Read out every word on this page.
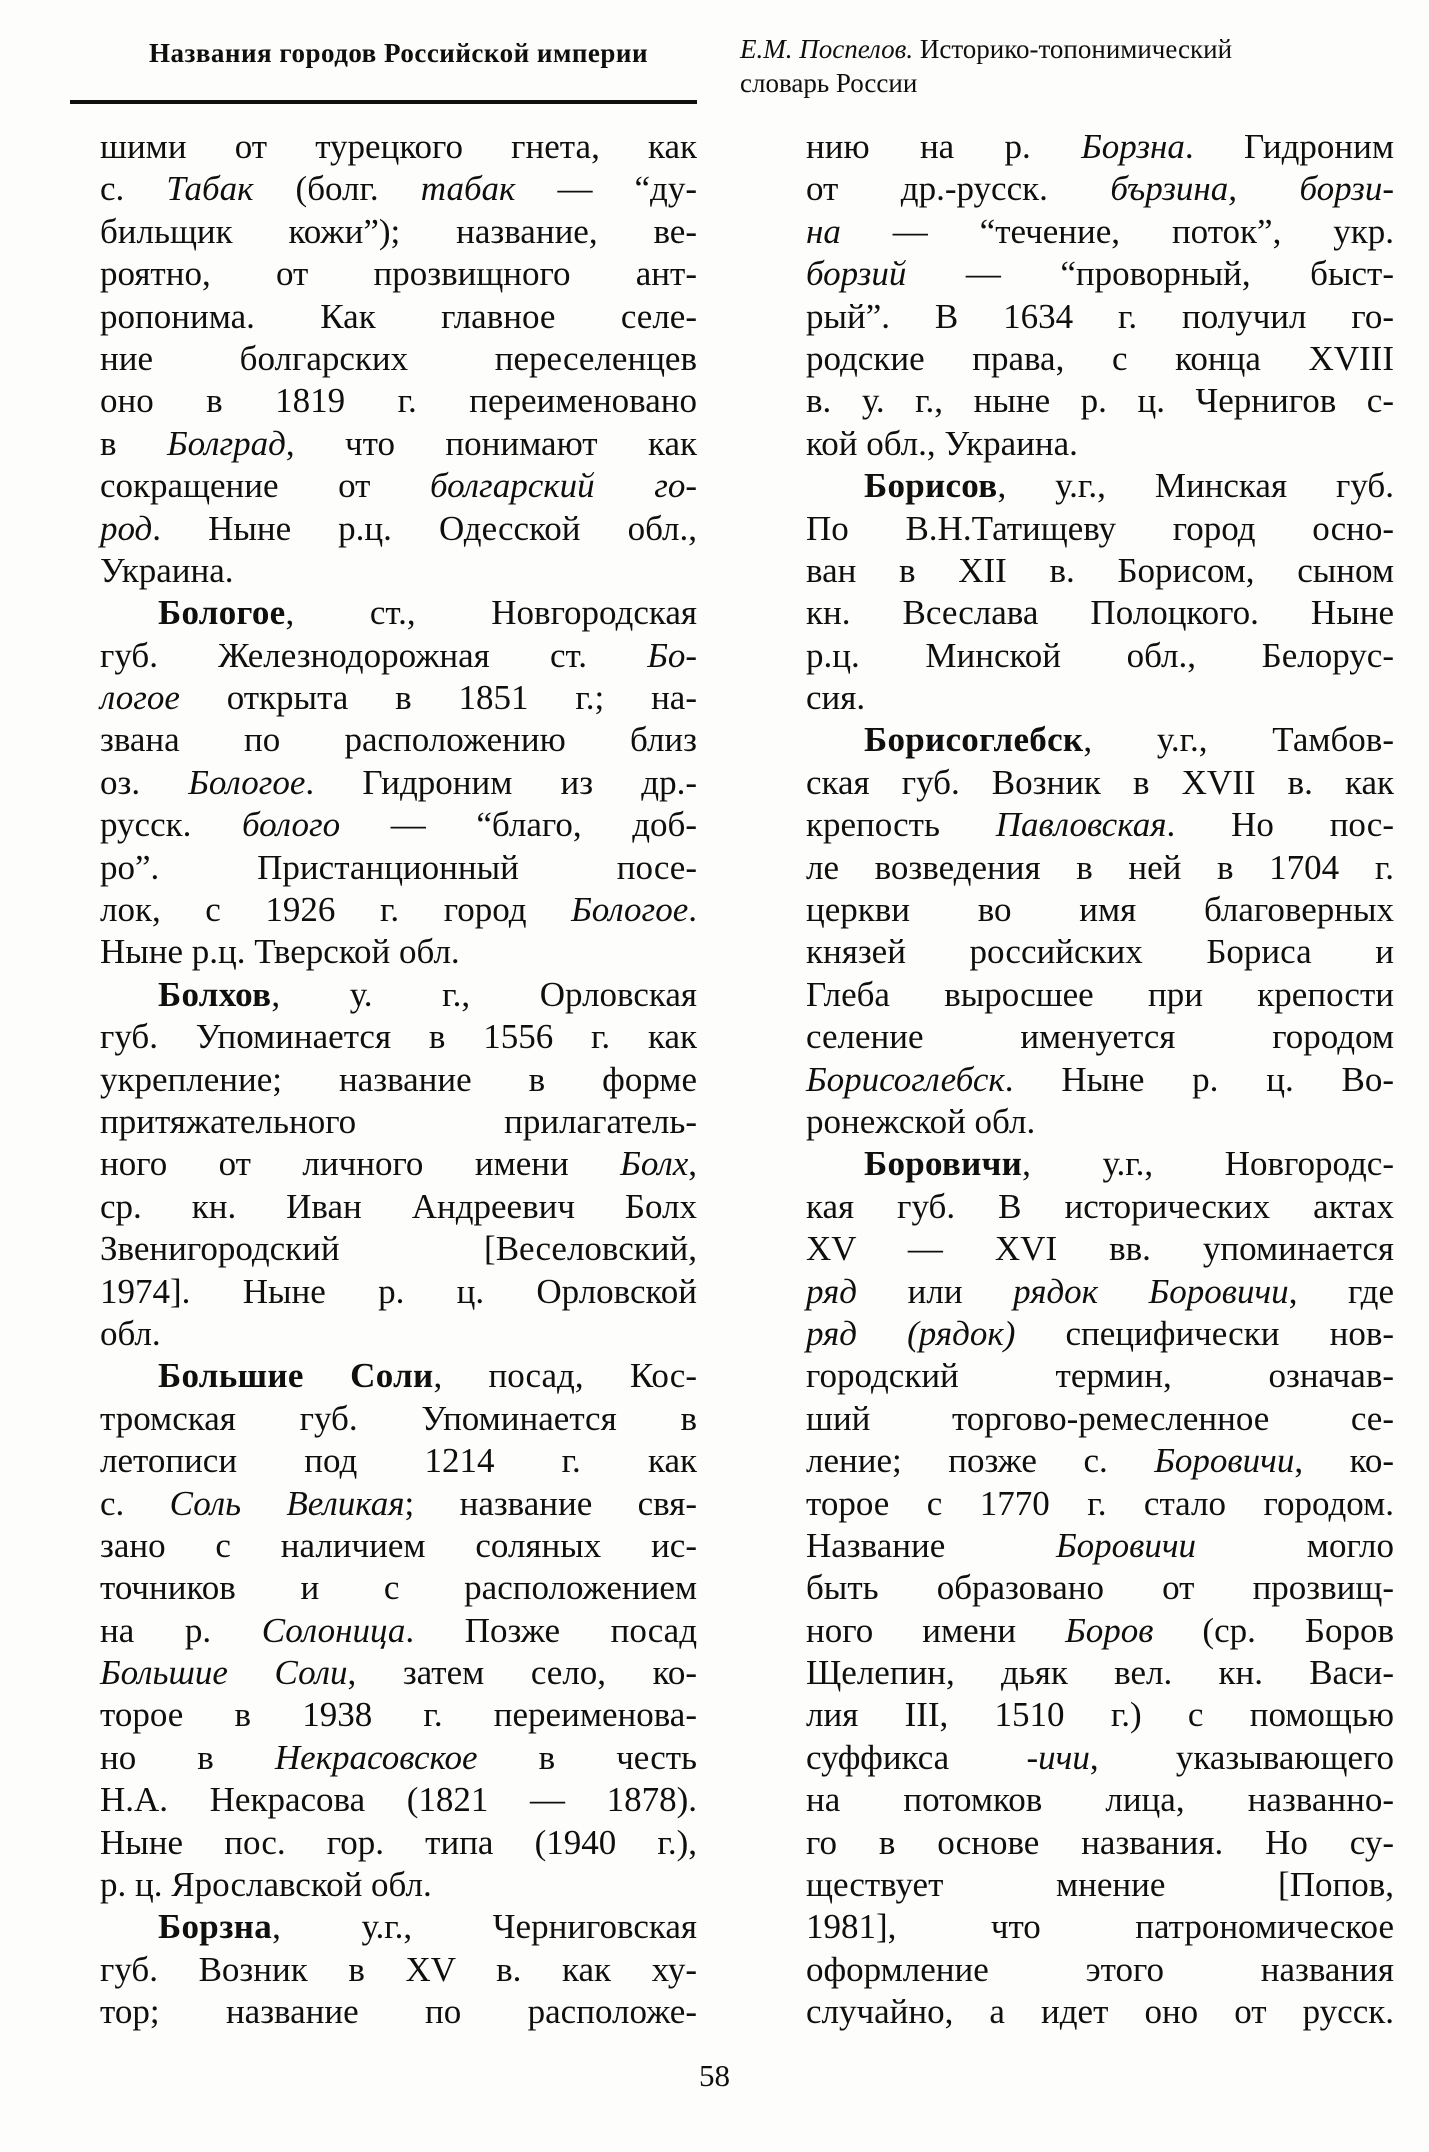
Названия городов Российской империи	Е.М. Поспелов. Историко-топонимический
словарь России
шими от турецкого гнета, как
с. Табак (болг. табак — “ду-
бильщик кожи”); название, ве-
роятно, от прозвищного ант-
ропонима. Как главное селе-
ние болгарских переселенцев
оно в 1819 г. переименовано
в Болград, что понимают как
сокращение от болгарский го-
род. Ныне р.ц. Одесской обл.,
Украина.
Бологое, ст., Новгородская
губ. Железнодорожная ст. Бо-
логое открыта в 1851 г.; на-
звана по расположению близ
оз. Бологое. Гидроним из др.-
русск. болого — “благо, доб-
ро”. Пристанционный посе-
лок, с 1926 г. город Бологое.
Ныне р.ц. Тверской обл.
Болхов, у. г., Орловская
губ. Упоминается в 1556 г. как
укрепление; название в форме
притяжательного прилагатель-
ного от личного имени Болх,
ср. кн. Иван Андреевич Болх
Звенигородский [Веселовский,
1974]. Ныне р. ц. Орловской
обл.
Большие Соли, посад, Кос-
тромская губ. Упоминается в
летописи под 1214 г. как
с. Соль Великая; название свя-
зано с наличием соляных ис-
точников и с расположением
на р. Солоница. Позже посад
Большие Соли, затем село, ко-
торое в 1938 г. переименова-
но в Некрасовское в честь
Н.А. Некрасова (1821 — 1878).
Ныне пос. гор. типа (1940 г.),
р. ц. Ярославской обл.
Борзна, у.г., Черниговская
губ. Возник в XV в. как ху-
тор; название по расположе-
нию на р. Борзна. Гидроним
от др.-русск. бързина, борзи-
на — “течение, поток”, укр.
борзий — “проворный, быст-
рый”. В 1634 г. получил го-
родские права, с конца XVIII
в. у. г., ныне р. ц. Чернигов с-
кой обл., Украина.
Борисов, у.г., Минская губ.
По В.Н.Татищеву город осно-
ван в XII в. Борисом, сыном
кн. Всеслава Полоцкого. Ныне
р.ц. Минской обл., Белорус-
сия.
Борисоглебск, у.г., Тамбов-
ская губ. Возник в XVII в. как
крепость Павловская. Но пос-
ле возведения в ней в 1704 г.
церкви во имя благоверных
князей российских Бориса и
Глеба выросшее при крепости
селение именуется городом
Борисоглебск. Ныне р. ц. Во-
ронежской обл.
Боровичи, у.г., Новгородс-
кая губ. В исторических актах
XV — XVI вв. упоминается
ряд или рядок Боровичи, где
ряд (рядок) специфически нов-
городский термин, означав-
ший торгово-ремесленное се-
ление; позже с. Боровичи, ко-
торое с 1770 г. стало городом.
Название Боровичи могло
быть образовано от прозвищ-
ного имени Боров (ср. Боров
Щелепин, дьяк вел. кн. Васи-
лия III, 1510 г.) с помощью
суффикса -ичи, указывающего
на потомков лица, названно-
го в основе названия. Но су-
ществует мнение [Попов,
1981], что патрономическое
оформление этого названия
случайно, а идет оно от русск.
58
